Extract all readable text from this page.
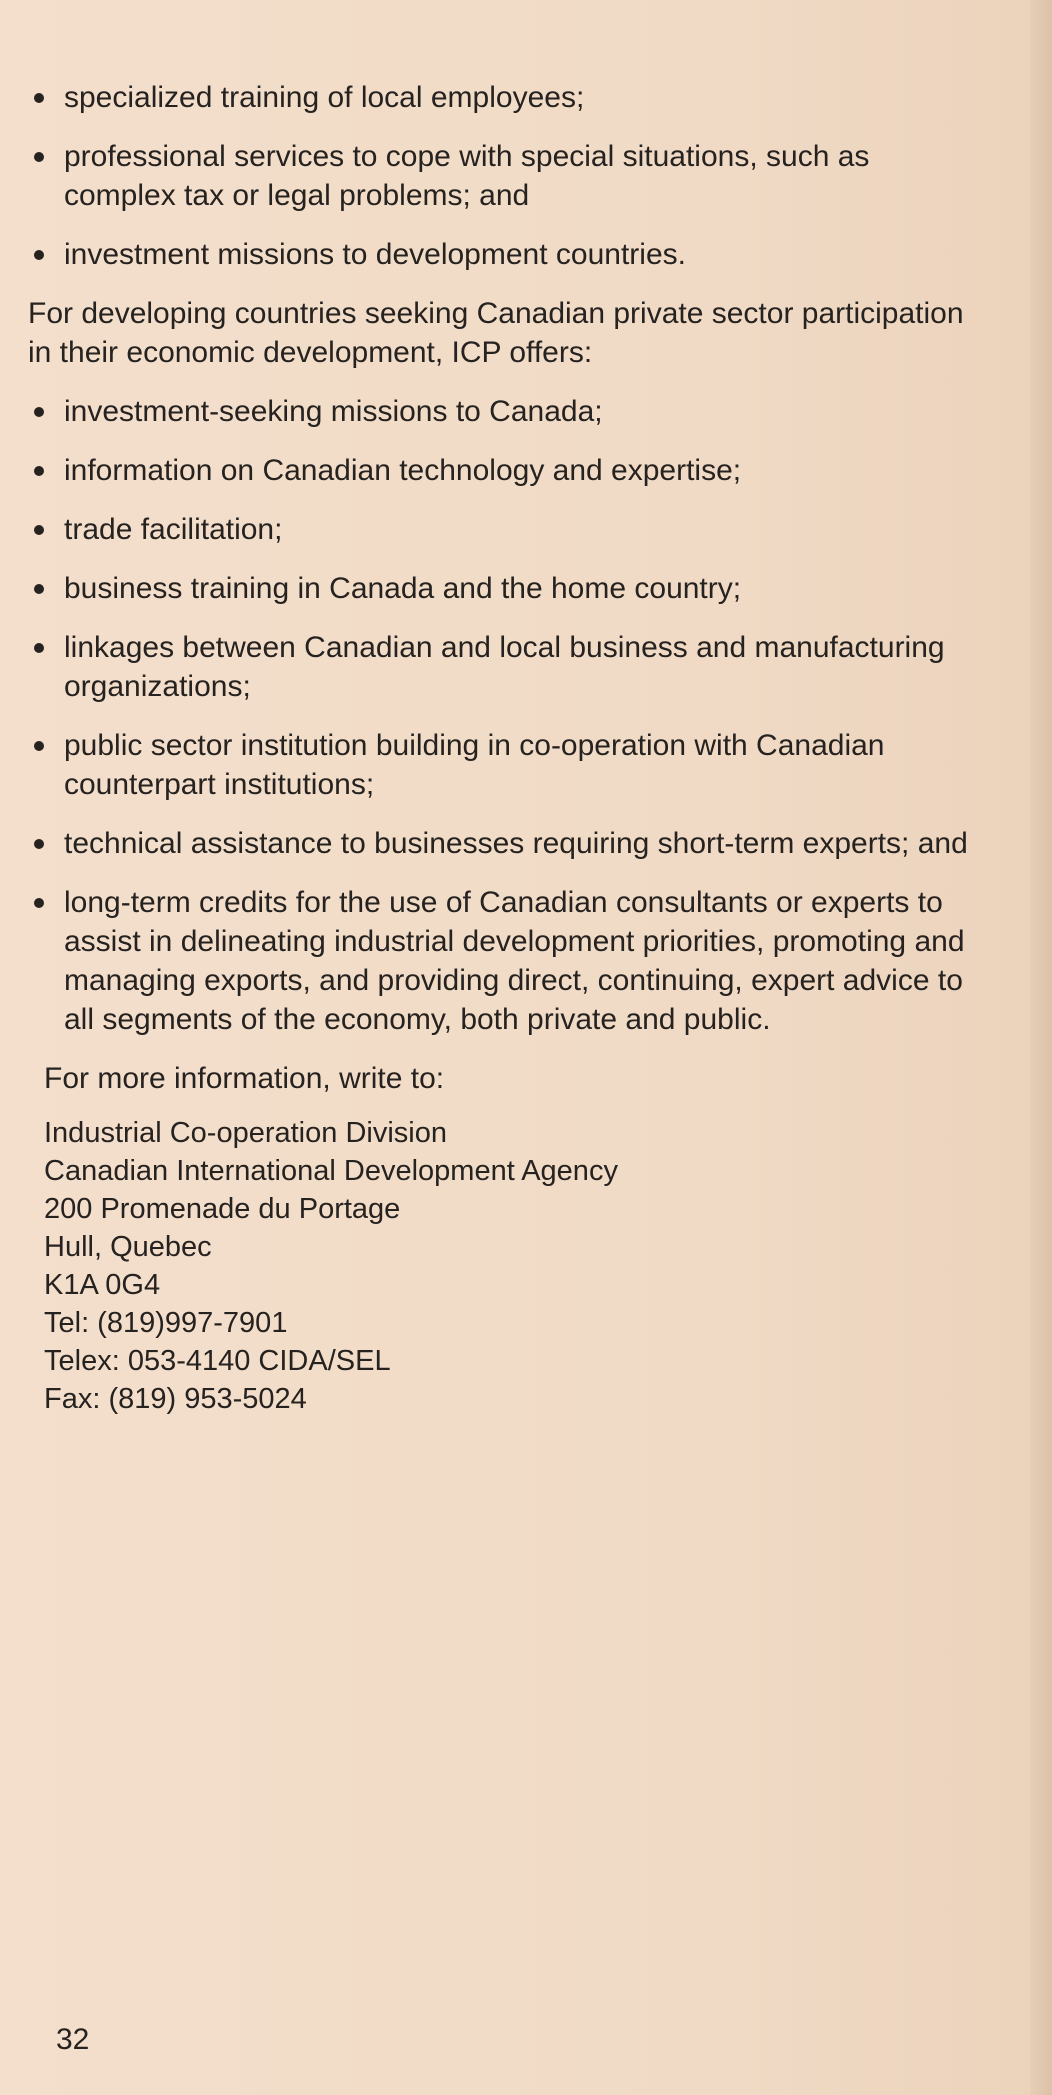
specialized training of local employees;
professional services to cope with special situations, such as complex tax or legal problems; and
investment missions to development countries.

For developing countries seeking Canadian private sector participation in their economic development, ICP offers:

investment-seeking missions to Canada;
information on Canadian technology and expertise;
trade facilitation;
business training in Canada and the home country;
linkages between Canadian and local business and manufacturing organizations;
public sector institution building in co-operation with Canadian counterpart institutions;
technical assistance to businesses requiring short-term experts; and
long-term credits for the use of Canadian consultants or experts to assist in delineating industrial development priorities, promoting and managing exports, and providing direct, continuing, expert advice to all segments of the economy, both private and public.

For more information, write to:

Industrial Co-operation Division
Canadian International Development Agency
200 Promenade du Portage
Hull, Quebec
K1A 0G4
Tel: (819)997-7901
Telex: 053-4140 CIDA/SEL
Fax: (819) 953-5024
32
